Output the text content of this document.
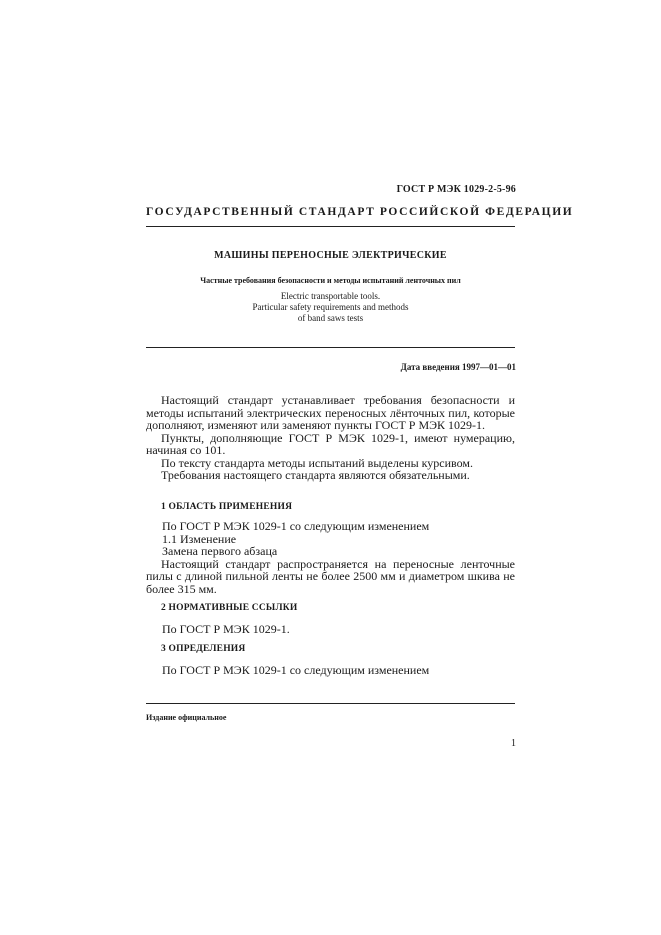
ГОСТ Р МЭК 1029-2-5-96
ГОСУДАРСТВЕННЫЙ СТАНДАРТ РОССИЙСКОЙ ФЕДЕРАЦИИ
МАШИНЫ ПЕРЕНОСНЫЕ ЭЛЕКТРИЧЕСКИЕ
Частные требования безопасности и методы испытаний ленточных пил
Electric transportable tools.
Particular safety requirements and methods
of band saws tests
Дата введения 1997—01—01

Настоящий стандарт устанавливает требования безопасности и методы испытаний электрических переносных лёнточных пил, которые дополняют, изменяют или заменяют пункты ГОСТ Р МЭК 1029-1.

Пункты, дополняющие ГОСТ Р МЭК 1029-1, имеют нумерацию, начиная со 101.

По тексту стандарта методы испытаний выделены курсивом.

Требования настоящего стандарта являются обязательными.

1 ОБЛАСТЬ ПРИМЕНЕНИЯ

По ГОСТ Р МЭК 1029-1 со следующим изменением

1.1 Изменение

Замена первого абзаца

Настоящий стандарт распространяется на переносные ленточные пилы с длиной пильной ленты не более 2500 мм и диаметром шкива не более 315 мм.

2 НОРМАТИВНЫЕ ССЫЛКИ

По ГОСТ Р МЭК 1029-1.

3 ОПРЕДЕЛЕНИЯ

По ГОСТ Р МЭК 1029-1 со следующим изменением

Издание официальное
1
